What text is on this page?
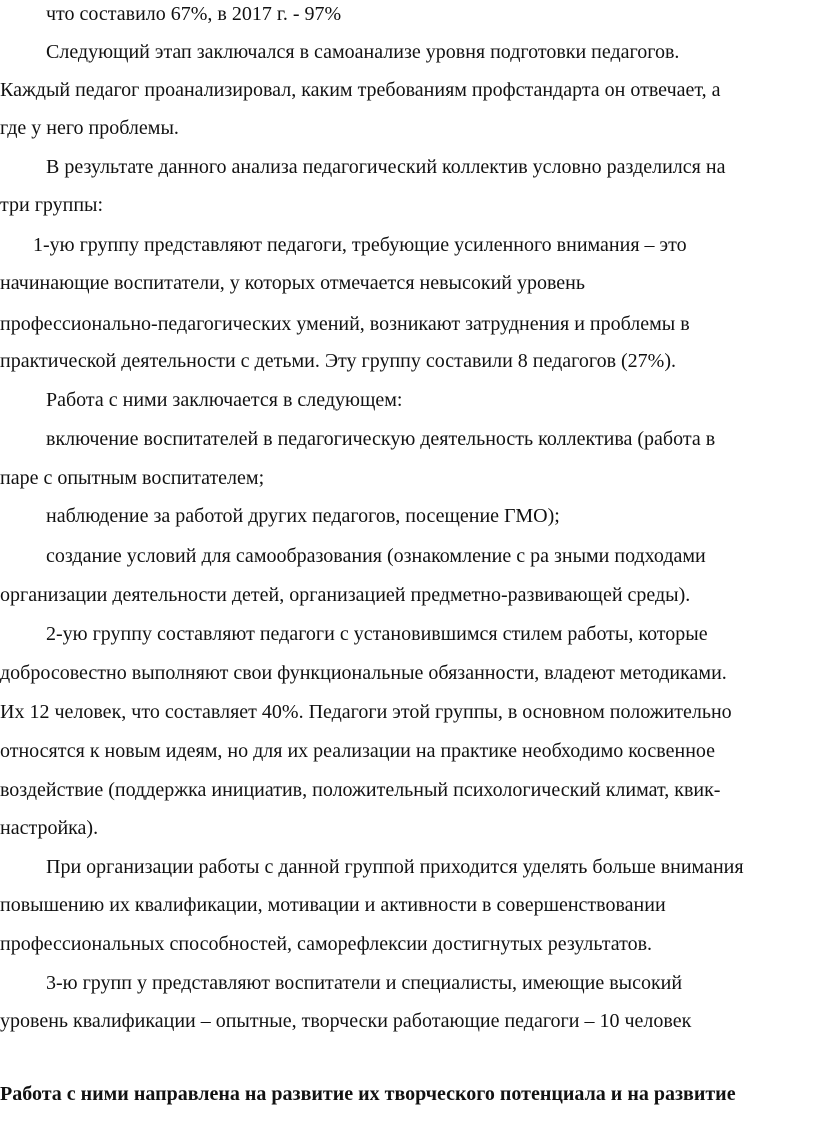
что составило 67%, в 2017 г. - 97%
Следующий этап заключался в самоанализе уровня подготовки педагогов.
Каждый педагог проанализировал, каким требованиям профстандарта он отвечает, а
где у него проблемы.
В результате данного анализа педагогический коллектив условно разделился на
три группы:
1-ую группу представляют педагоги, требующие усиленного внимания – это
начинающие воспитатели, у которых отмечается невысокий уровень
профессионально-педагогических умений, возникают затруднения и проблемы в
практической деятельности с детьми. Эту группу составили 8 педагогов (27%).
Работа с ними заключается в следующем:
включение воспитателей в педагогическую деятельность коллектива (работа в
паре с опытным воспитателем;
наблюдение за работой других педагогов, посещение ГМО);
создание условий для самообразования (ознакомление с ра зными подходами
организации деятельности детей, организацией предметно-развивающей среды).
2-ую группу составляют педагоги с установившимся стилем работы, которые
добросовестно выполняют свои функциональные обязанности, владеют методиками.
Их 12 человек, что составляет 40%. Педагоги этой группы, в основном положительно
относятся к новым идеям, но для их реализации на практике необходимо косвенное
воздействие (поддержка инициатив, положительный психологический климат, квик-
настройка).
При организации работы с данной группой приходится уделять больше внимания
повышению их квалификации, мотивации и активности в совершенствовании
профессиональных способностей, саморефлексии достигнутых результатов.
3-ю групп у представляют воспитатели и специалисты, имеющие высокий
уровень квалификации – опытные, творчески работающие педагоги – 10 человек
Работа с ними направлена на развитие их творческого потенциала и на развитие
